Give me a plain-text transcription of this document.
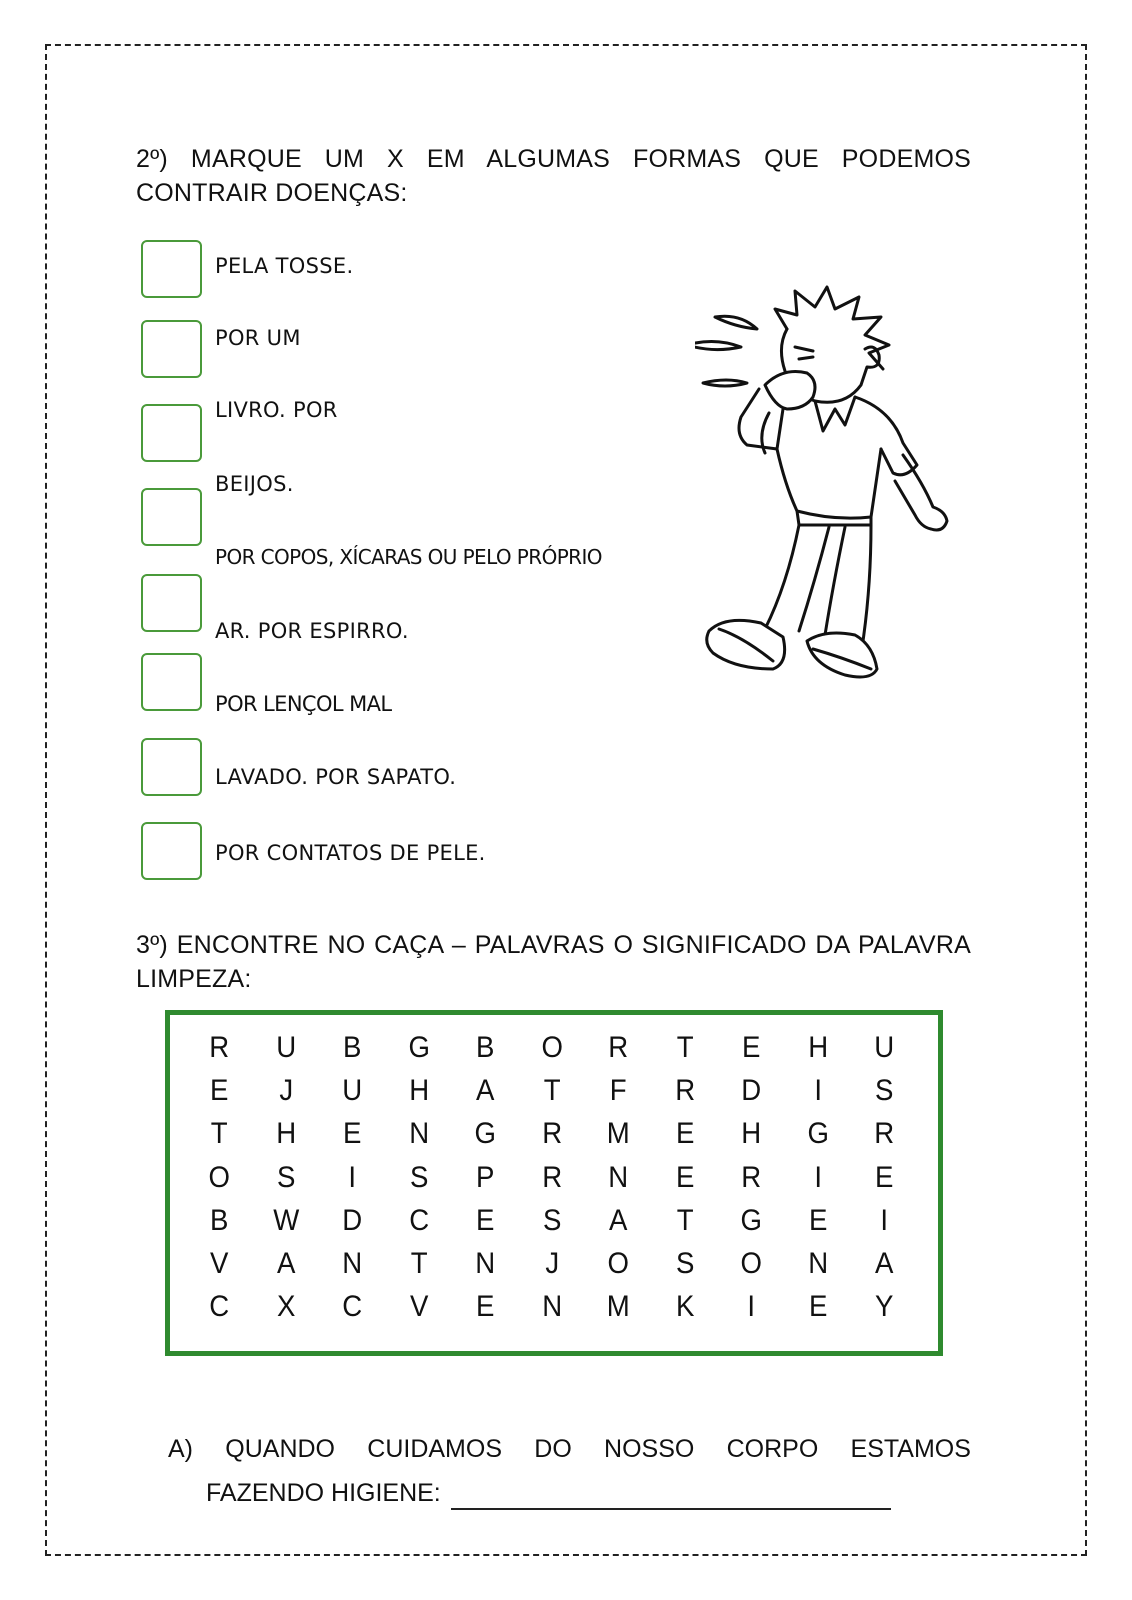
2º) MARQUE UM X EM ALGUMAS FORMAS QUE PODEMOS CONTRAIR DOENÇAS:
PELA TOSSE.
POR UM
LIVRO. POR
BEIJOS.
POR COPOS, XÍCARAS OU PELO PRÓPRIO
AR. POR ESPIRRO.
POR LENÇOL MAL
LAVADO. POR SAPATO.
POR CONTATOS DE PELE.
3º) ENCONTRE NO CAÇA – PALAVRAS O SIGNIFICADO DA PALAVRA LIMPEZA:
R	U	B	G	B	O	R	T	E	H	U
E	J	U	H	A	T	F	R	D	I	S
T	H	E	N	G	R	M	E	H	G	R
O	S	I	S	P	R	N	E	R	I	E
B	W	D	C	E	S	A	T	G	E	I
V	A	N	T	N	J	O	S	O	N	A
C	X	C	V	E	N	M	K	I	E	Y
A) QUANDO CUIDAMOS DO NOSSO CORPO ESTAMOS
FAZENDO HIGIENE:
